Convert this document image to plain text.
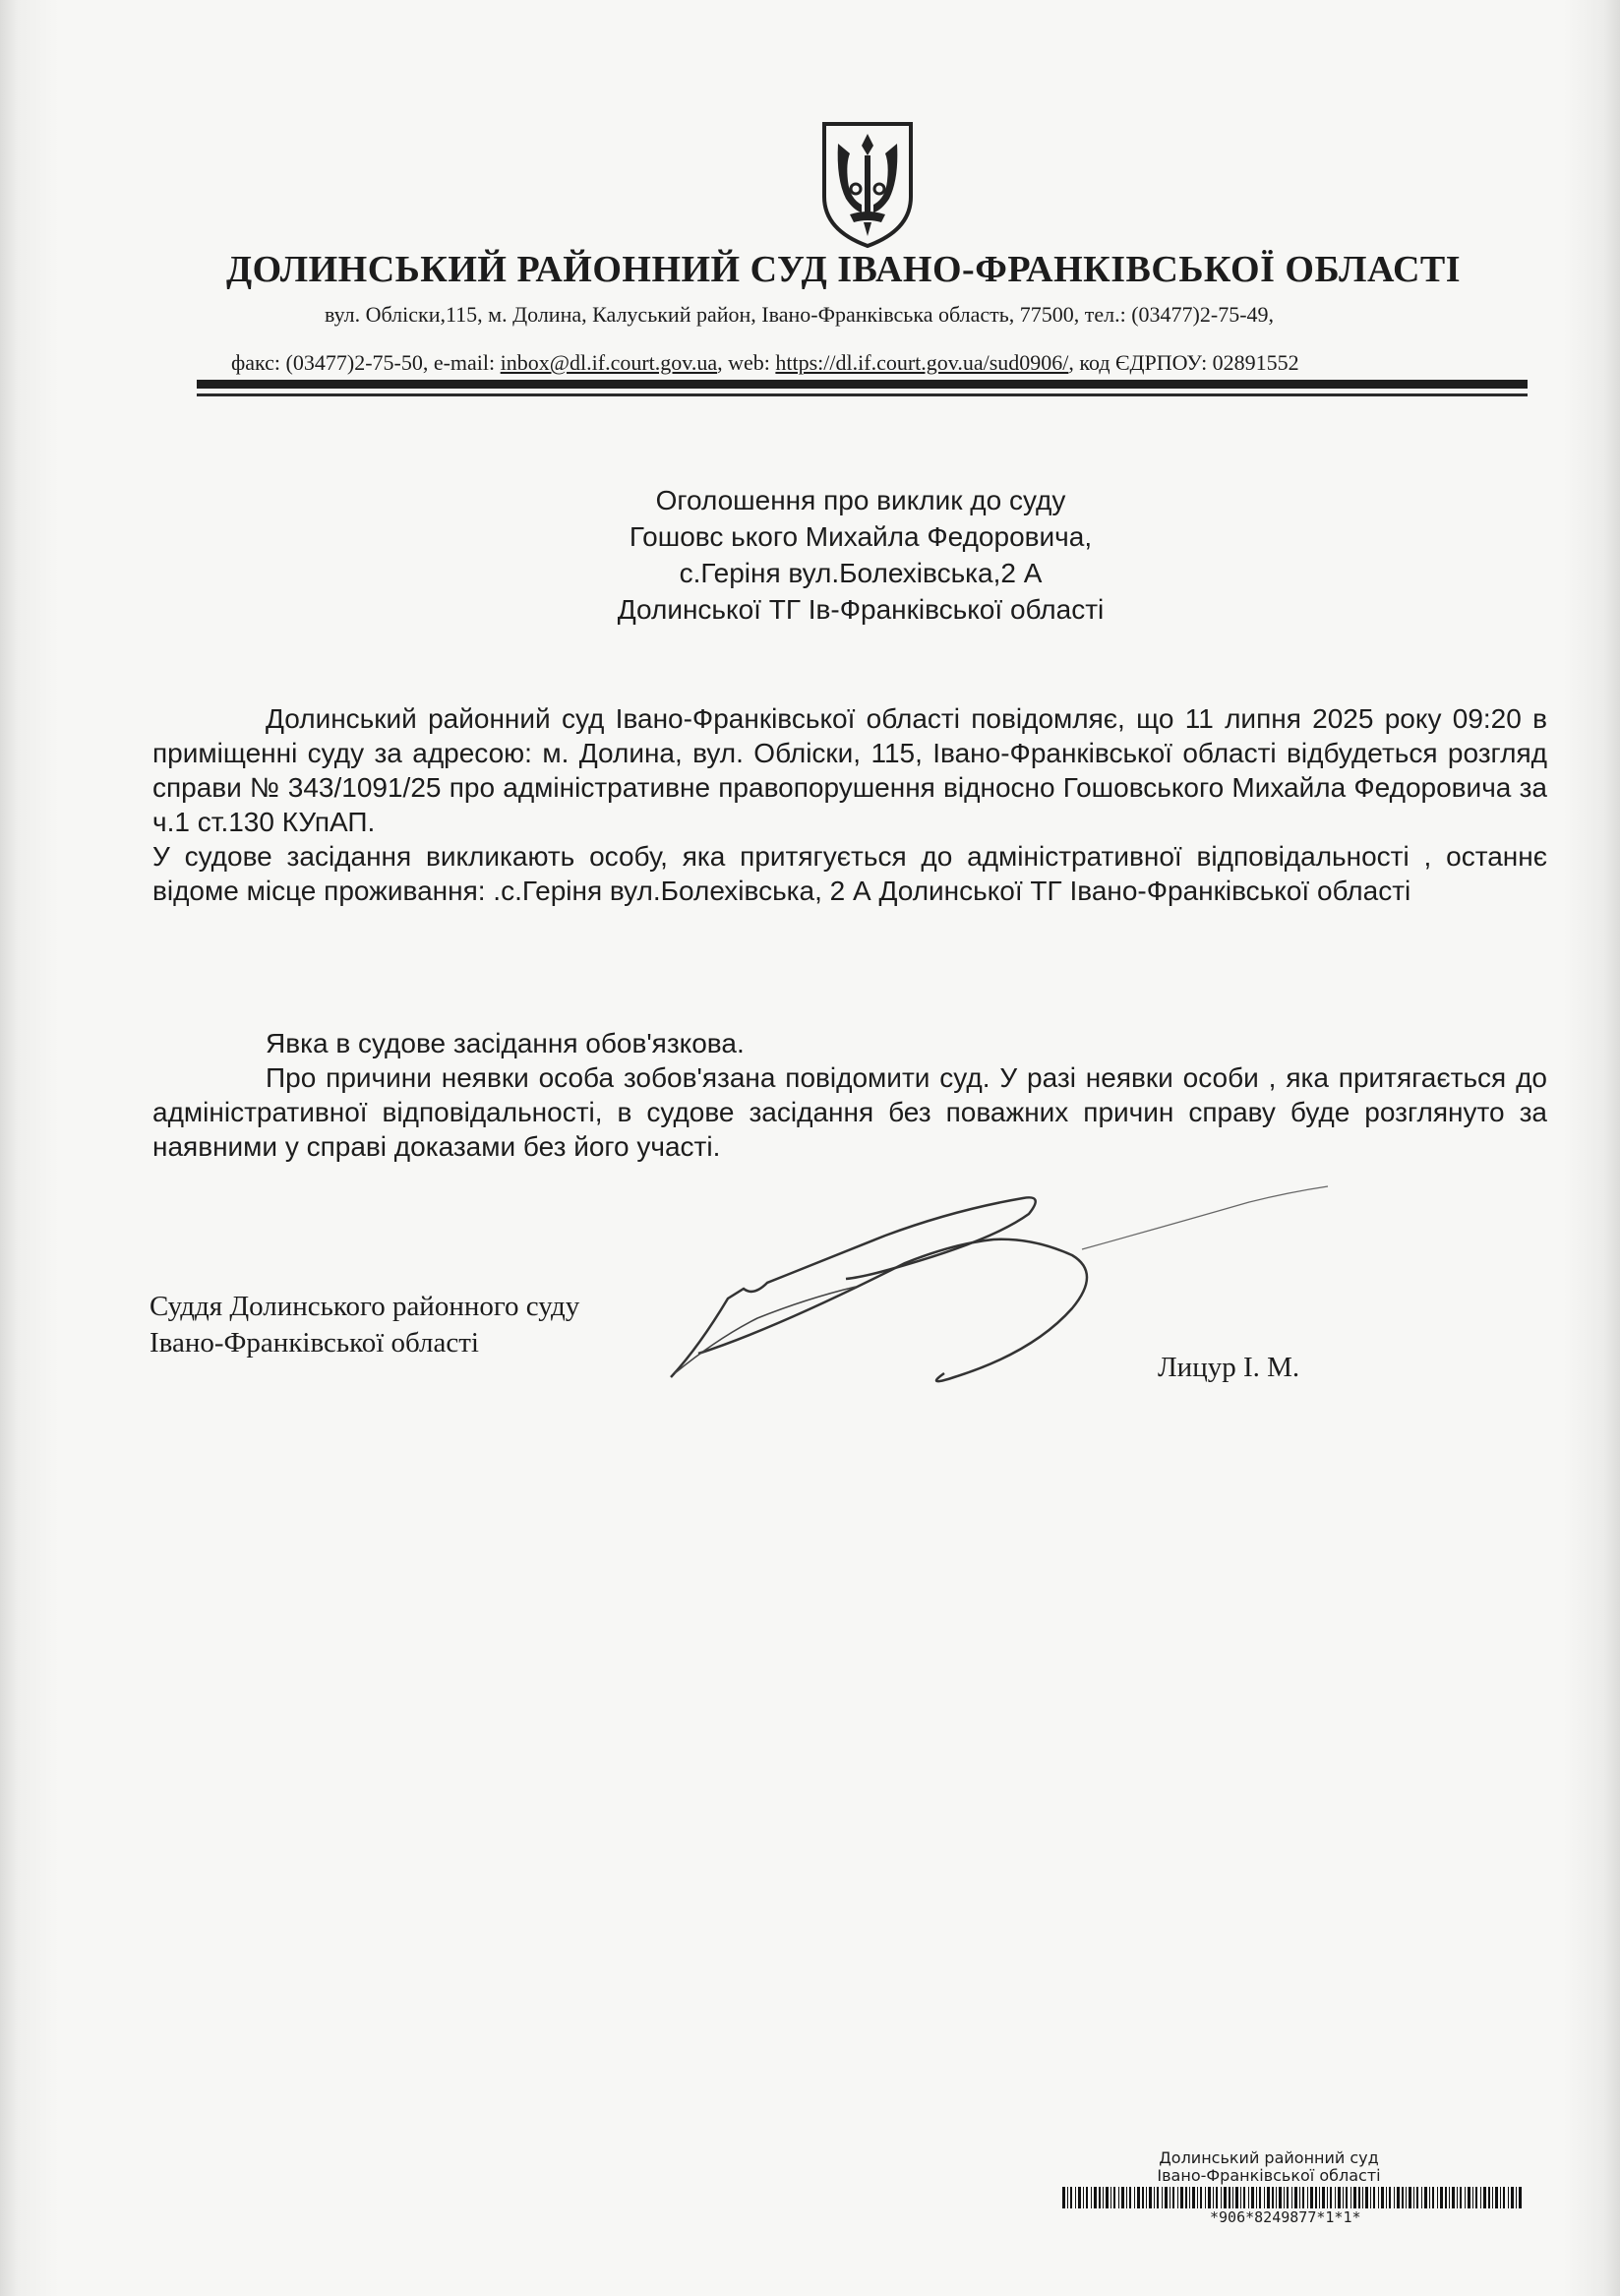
ДОЛИНСЬКИЙ РАЙОННИЙ СУД ІВАНО-ФРАНКІВСЬКОЇ ОБЛАСТІ
вул. Обліски,115, м. Долина, Калуський район, Івано-Франківська область, 77500, тел.: (03477)2-75-49,
факс: (03477)2-75-50, e-mail: inbox@dl.if.court.gov.ua, web: https://dl.if.court.gov.ua/sud0906/, код ЄДРПОУ: 02891552
Оголошення про виклик до суду
Гошовс ького Михайла Федоровича,
с.Геріня вул.Болехівська,2 А
Долинської ТГ Ів-Франківської області
Долинський районний суд Івано-Франківської області повідомляє, що 11 липня 2025 року 09:20 в приміщенні суду за адресою: м. Долина, вул. Обліски, 115, Івано-Франківської області відбудеться розгляд справи № 343/1091/25 про адміністративне правопорушення відносно Гошовського Михайла Федоровича за ч.1 ст.130 КУпАП.
У судове засідання викликають особу, яка притягується до адміністративної відповідальності , останнє відоме місце проживання: .с.Геріня вул.Болехівська, 2 А Долинської ТГ Івано-Франківської області
Явка в судове засідання обов'язкова.
Про причини неявки особа зобов'язана повідомити суд. У разі неявки особи , яка притягається до адміністративної відповідальності, в судове засідання без поважних причин справу буде розглянуто за наявними у справі доказами без його участі.
Суддя Долинського районного суду
Івано-Франківської області
Лицур І. М.
Долинський районний суд
Івано-Франківської області
*906*8249877*1*1*
